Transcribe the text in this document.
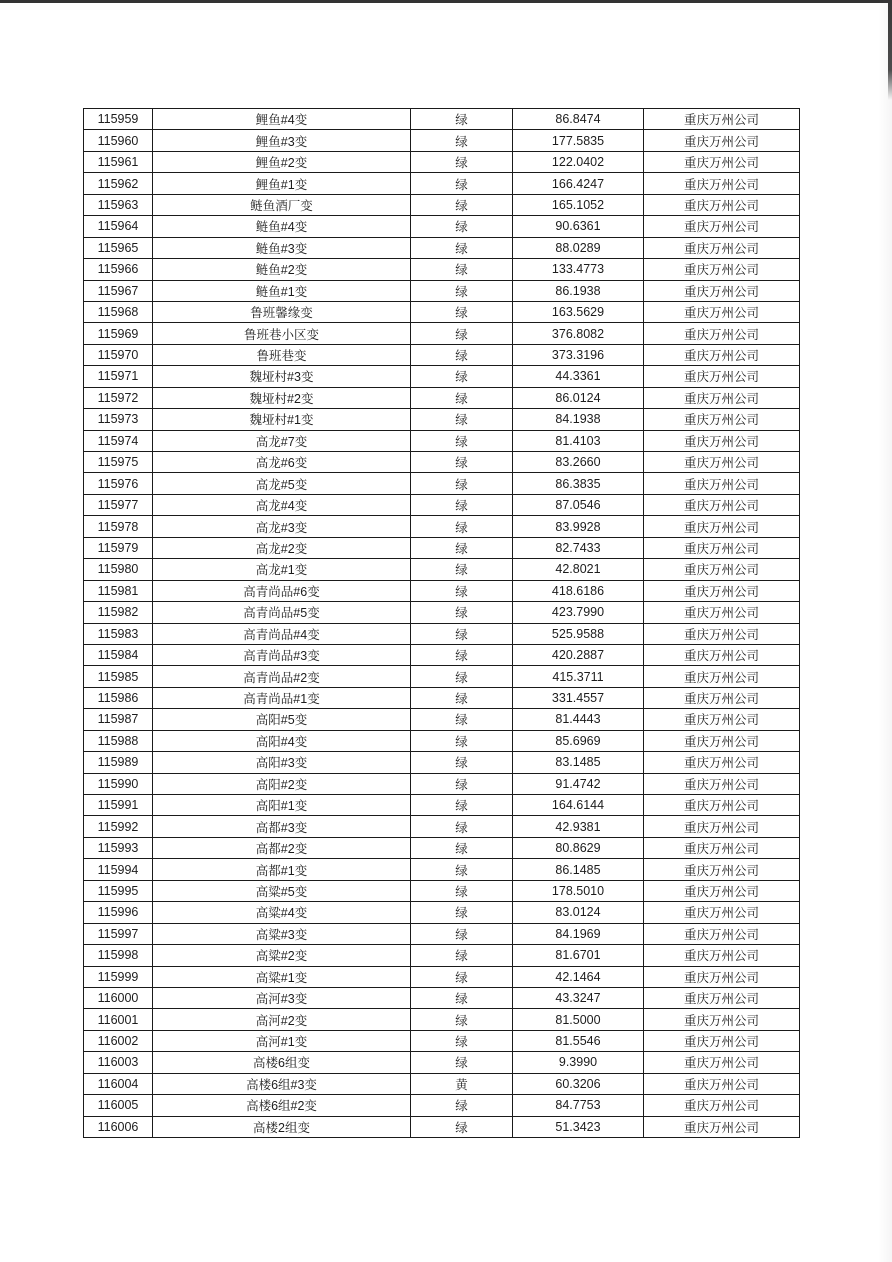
115959	鲤鱼#4变	绿	86.8474	重庆万州公司
115960	鲤鱼#3变	绿	177.5835	重庆万州公司
115961	鲤鱼#2变	绿	122.0402	重庆万州公司
115962	鲤鱼#1变	绿	166.4247	重庆万州公司
115963	鲢鱼酒厂变	绿	165.1052	重庆万州公司
115964	鲢鱼#4变	绿	90.6361	重庆万州公司
115965	鲢鱼#3变	绿	88.0289	重庆万州公司
115966	鲢鱼#2变	绿	133.4773	重庆万州公司
115967	鲢鱼#1变	绿	86.1938	重庆万州公司
115968	鲁班馨缘变	绿	163.5629	重庆万州公司
115969	鲁班巷小区变	绿	376.8082	重庆万州公司
115970	鲁班巷变	绿	373.3196	重庆万州公司
115971	魏垭村#3变	绿	44.3361	重庆万州公司
115972	魏垭村#2变	绿	86.0124	重庆万州公司
115973	魏垭村#1变	绿	84.1938	重庆万州公司
115974	高龙#7变	绿	81.4103	重庆万州公司
115975	高龙#6变	绿	83.2660	重庆万州公司
115976	高龙#5变	绿	86.3835	重庆万州公司
115977	高龙#4变	绿	87.0546	重庆万州公司
115978	高龙#3变	绿	83.9928	重庆万州公司
115979	高龙#2变	绿	82.7433	重庆万州公司
115980	高龙#1变	绿	42.8021	重庆万州公司
115981	高青尚品#6变	绿	418.6186	重庆万州公司
115982	高青尚品#5变	绿	423.7990	重庆万州公司
115983	高青尚品#4变	绿	525.9588	重庆万州公司
115984	高青尚品#3变	绿	420.2887	重庆万州公司
115985	高青尚品#2变	绿	415.3711	重庆万州公司
115986	高青尚品#1变	绿	331.4557	重庆万州公司
115987	高阳#5变	绿	81.4443	重庆万州公司
115988	高阳#4变	绿	85.6969	重庆万州公司
115989	高阳#3变	绿	83.1485	重庆万州公司
115990	高阳#2变	绿	91.4742	重庆万州公司
115991	高阳#1变	绿	164.6144	重庆万州公司
115992	高都#3变	绿	42.9381	重庆万州公司
115993	高都#2变	绿	80.8629	重庆万州公司
115994	高都#1变	绿	86.1485	重庆万州公司
115995	高粱#5变	绿	178.5010	重庆万州公司
115996	高粱#4变	绿	83.0124	重庆万州公司
115997	高粱#3变	绿	84.1969	重庆万州公司
115998	高粱#2变	绿	81.6701	重庆万州公司
115999	高粱#1变	绿	42.1464	重庆万州公司
116000	高河#3变	绿	43.3247	重庆万州公司
116001	高河#2变	绿	81.5000	重庆万州公司
116002	高河#1变	绿	81.5546	重庆万州公司
116003	高楼6组变	绿	9.3990	重庆万州公司
116004	高楼6组#3变	黄	60.3206	重庆万州公司
116005	高楼6组#2变	绿	84.7753	重庆万州公司
116006	高楼2组变	绿	51.3423	重庆万州公司
